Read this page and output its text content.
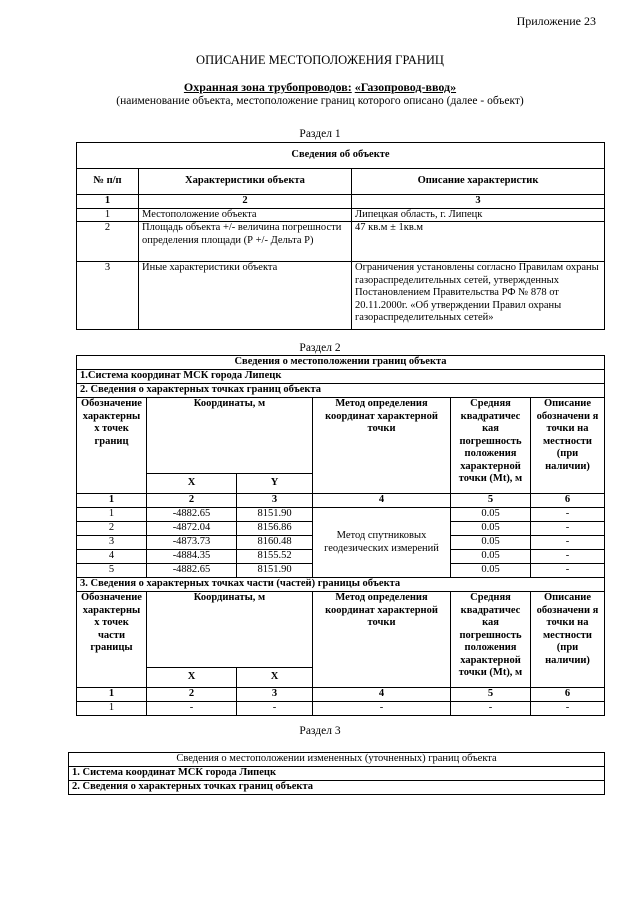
Приложение 23
ОПИСАНИЕ МЕСТОПОЛОЖЕНИЯ ГРАНИЦ
Охранная зона трубопроводов: «Газопровод-ввод»
(наименование объекта, местоположение границ которого описано (далее - объект)
Раздел 1
Сведения об объекте		
№ п/п	Характеристики объекта	Описание характеристик
1	2	3
1	Местоположение объекта	Липецкая область, г. Липецк
2	Площадь объекта +/- величина погрешности определения площади (Р +/- Дельта Р)	47 кв.м ± 1кв.м
3	Иные характеристики объекта	Ограничения установлены согласно Правилам охраны газораспределительных сетей, утвержденных Постановлением Правительства РФ № 878 от 20.11.2000г. «Об утверждении Правил охраны газораспределительных сетей»
Раздел 2
Сведения о местоположении границ объекта					
1.Система координат МСК города Липецк					
2. Сведения о характерных точках границ объекта					
Обозначение характерны х точек границ	Координаты, м		Метод определения координат характерной точки	Средняя квадратичес кая погрешность положения характерной точки (Mt), м	Описание обозначени я точки на местности (при наличии)
	X	Y			
1	2	3	4	5	6
1	-4882.65	8151.90	Метод спутниковых геодезических измерений	0.05	-
2	-4872.04	8156.86		0.05	-
3	-4873.73	8160.48		0.05	-
4	-4884.35	8155.52		0.05	-
5	-4882.65	8151.90		0.05	-
3. Сведения о характерных точках части (частей) границы объекта					
Обозначение характерны х точек части границы	Координаты, м		Метод определения координат характерной точки	Средняя квадратичес кая погрешность положения характерной точки (Mt), м	Описание обозначени я точки на местности (при наличии)
	X	X			
1	2	3	4	5	6
1	-	-	-	-	-
Раздел 3
Сведения о местоположении измененных (уточненных) границ объекта
1. Система координат МСК города Липецк
2. Сведения о характерных точках границ объекта
